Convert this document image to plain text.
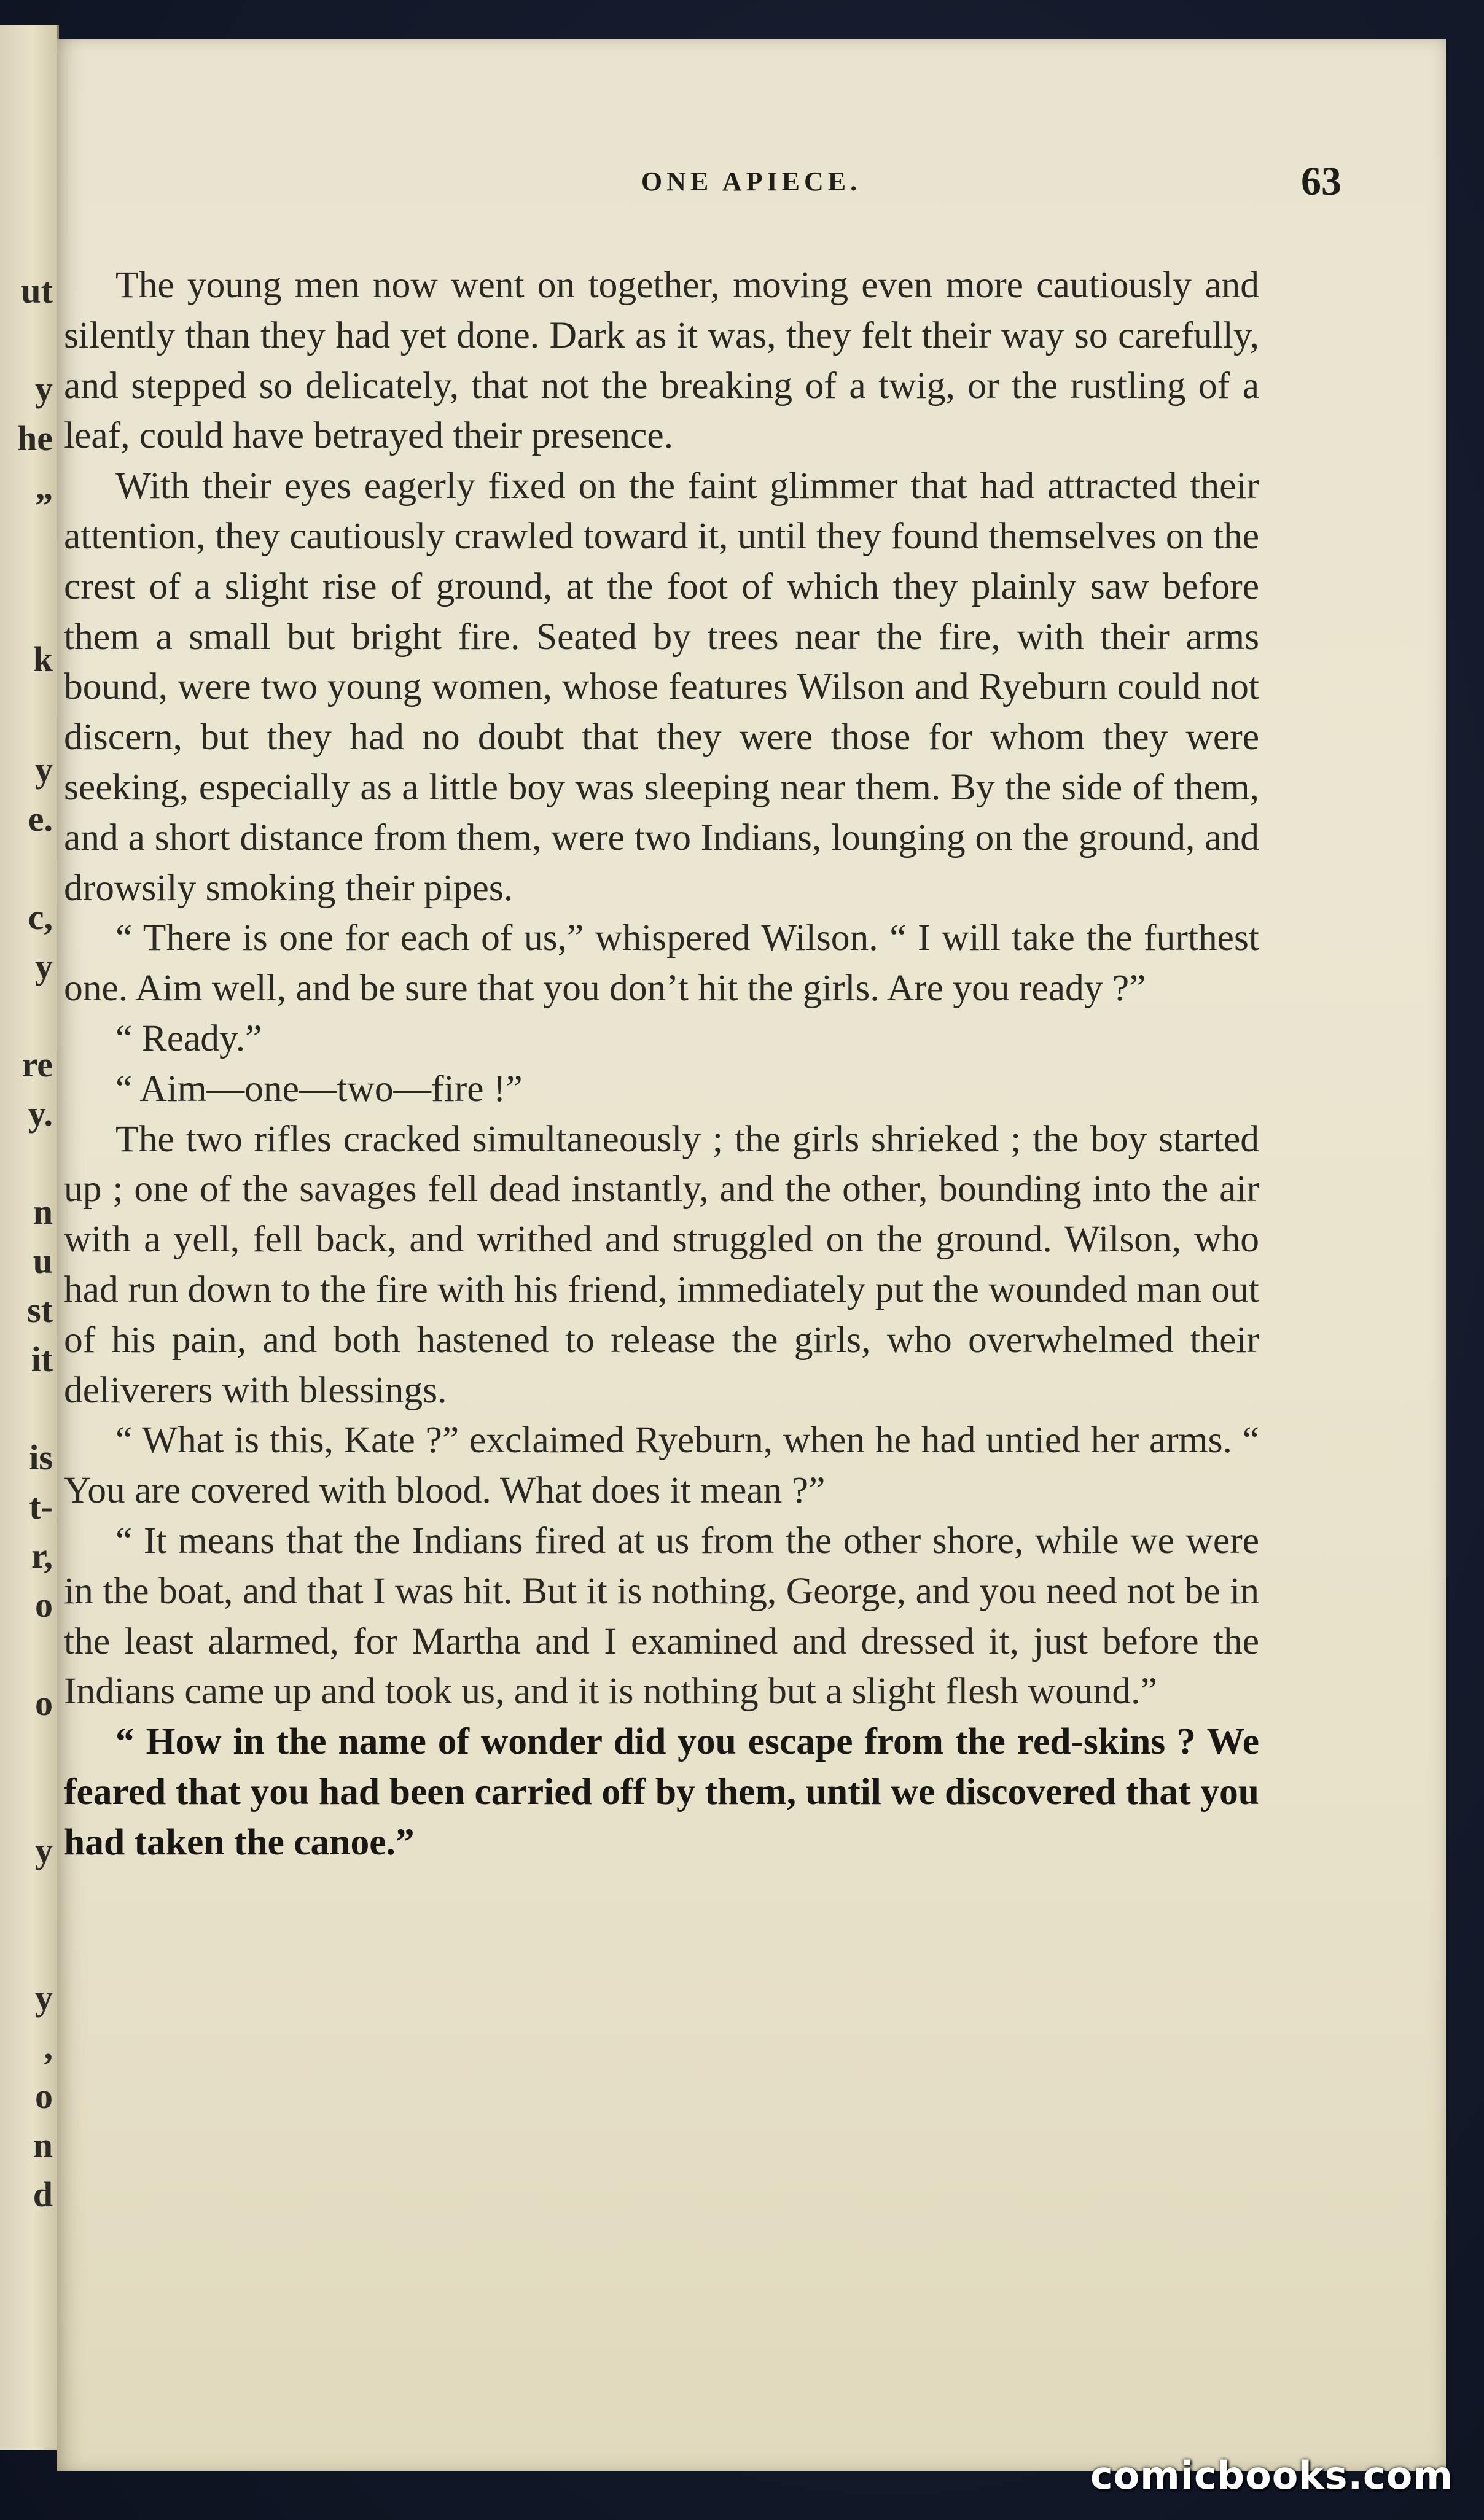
ut
y
he
”
k
y
e.
c,
y
re
y.
n
u
st
it
is
t-
r,
o
o
y
y
,
o
n
d
ONE APIECE.	63

The young men now went on together, moving even more cautiously and silently than they had yet done. Dark as it was, they felt their way so carefully, and stepped so delicately, that not the breaking of a twig, or the rustling of a leaf, could have betrayed their presence.

With their eyes eagerly fixed on the faint glimmer that had attracted their attention, they cautiously crawled toward it, until they found themselves on the crest of a slight rise of ground, at the foot of which they plainly saw before them a small but bright fire. Seated by trees near the fire, with their arms bound, were two young women, whose features Wilson and Ryeburn could not discern, but they had no doubt that they were those for whom they were seeking, especially as a little boy was sleeping near them. By the side of them, and a short distance from them, were two Indians, lounging on the ground, and drowsily smoking their pipes.

“ There is one for each of us,” whispered Wilson. “ I will take the furthest one. Aim well, and be sure that you don’t hit the girls. Are you ready ?”

“ Ready.”

“ Aim—one—two—fire !”

The two rifles cracked simultaneously ; the girls shrieked ; the boy started up ; one of the savages fell dead instantly, and the other, bounding into the air with a yell, fell back, and writhed and struggled on the ground. Wilson, who had run down to the fire with his friend, immediately put the wounded man out of his pain, and both hastened to release the girls, who overwhelmed their deliverers with blessings.

“ What is this, Kate ?” exclaimed Ryeburn, when he had untied her arms. “ You are covered with blood. What does it mean ?”

“ It means that the Indians fired at us from the other shore, while we were in the boat, and that I was hit. But it is nothing, George, and you need not be in the least alarmed, for Martha and I examined and dressed it, just before the Indians came up and took us, and it is nothing but a slight flesh wound.”

“ How in the name of wonder did you escape from the red-skins ? We feared that you had been carried off by them, until we discovered that you had taken the canoe.”

comicbooks.com
